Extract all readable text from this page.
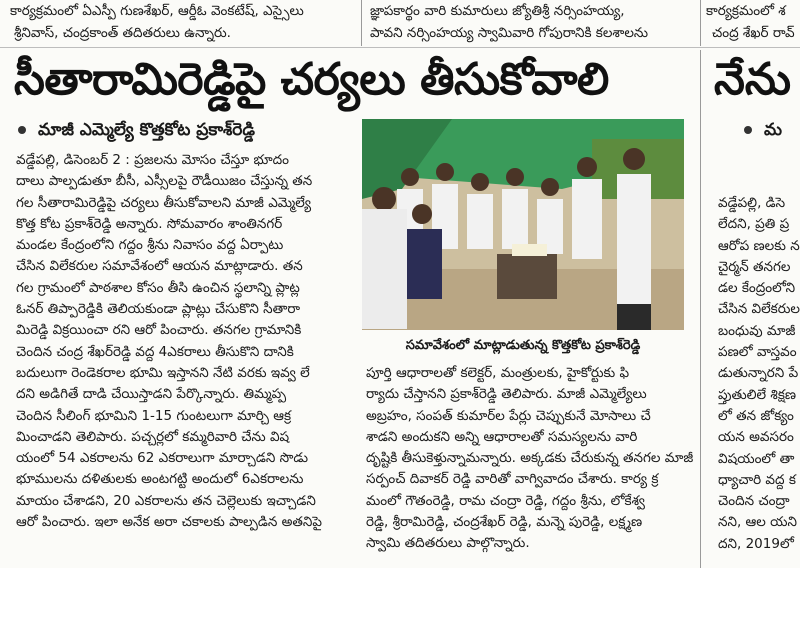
కార్యక్రమంలో ఏఎస్పీ గుణశేఖర్, ఆర్డీఓ వెంకటేష్, ఎస్సైలు
శ్రీనివాస్, చంద్రకాంత్ తదితరులు ఉన్నారు.
జ్ఞాపకార్థం వారి కుమారులు జ్యోతిశ్రీ నర్సింహయ్య,
పావని నర్సింహయ్య స్వామివారి గోపురానికి కలశాలను
కార్యక్రమంలో శ
చంద్ర శేఖర్ రావ్
సీతారామిరెడ్డిపై చర్యలు తీసుకోవాలి నేను
మాజీ ఎమ్మెల్యే కొత్తకోట ప్రకాశ్‌రెడ్డి	మ
వడ్డేపల్లి, డిసెంబర్ 2 : ప్రజలను మోసం చేస్తూ భూదం
దాలు పాల్పడుతూ బీసీ, ఎస్సీలపై రౌడీయిజం చేస్తున్న తన
గల సీతారామిరెడ్డిపై చర్యలు తీసుకోవాలని మాజీ ఎమ్మెల్యే
కొత్త కోట ప్రకాశ్‌రెడ్డి అన్నారు. సోమవారం శాంతినగర్
మండల కేంద్రంలోని గద్దం శ్రీను నివాసం వద్ద ఏర్పాటు
చేసిన విలేకరుల సమావేశంలో ఆయన మాట్లాడారు. తన
గల గ్రామంలో పాఠశాల కోసం తీసి ఉంచిన స్థలాన్ని ప్లాట్ల
ఓనర్ తిప్పారెడ్డికి తెలియకుండా ప్లాట్లు చేసుకొని సీతారా
మిరెడ్డి విక్రయించా రని ఆరో పించారు. తనగల గ్రామానికి
చెందిన చంద్ర శేఖర్‌రెడ్డి వద్ద 4ఎకరాలు తీసుకొని దానికి
బదులుగా రెండెకరాల భూమి ఇస్తానని నేటి వరకు ఇవ్వ లే
దని అడిగితే దాడి చేయిస్తాడని పేర్కొన్నారు. తిమ్మప్ప
చెందిన సీలింగ్ భూమిని 1-15 గుంటలుగా మార్చి ఆక్ర
మించాడని తెలిపారు. పచ్చర్లలో కమ్మరివారి చేను విష
యంలో 54 ఎకరాలను 62 ఎకరాలుగా మార్చాడని సొడు
భూములను దళితులకు అంటగట్టి అందులో 6ఎకరాలను
మాయం చేశాడని, 20 ఎకరాలను తన చెల్లెలుకు ఇచ్చాడని
ఆరో పించారు. ఇలా అనేక అరా చకాలకు పాల్పడిన అతనిపై
సమావేశంలో మాట్లాడుతున్న కొత్తకోట ప్రకాశ్‌రెడ్డి
పూర్తి ఆధారాలతో కలెక్టర్, మంత్రులకు, హైకోర్టుకు ఫి
ర్యాదు చేస్తానని ప్రకాశ్‌రెడ్డి తెలిపారు. మాజీ ఎమ్మెల్యేలు
అబ్రహం, సంపత్ కుమార్‌ల పేర్లు చెప్పుకునే మోసాలు చే
శాడని అందుకని అన్ని ఆధారాలతో సమస్యలను వారి
దృష్టికి తీసుకెళ్తున్నామన్నారు. అక్కడకు చేరుకున్న తనగల మాజీ
సర్పంచ్ దివాకర్ రెడ్డి వారితో వాగ్వివాదం చేశారు. కార్య క్ర
మంలో గౌతంరెడ్డి, రామ చంద్రా రెడ్డి, గద్దం శ్రీను, లోకేశ్వ
రెడ్డి, శ్రీరామిరెడ్డి, చంద్రశేఖర్ రెడ్డి, మన్నె పురెడ్డి, లక్ష్మణ
స్వామి తదితరులు పాల్గొన్నారు.
వడ్డేపల్లి, డిసె
లేదని, ప్రతి ప్ర
ఆరోప ణలకు న
చైర్మన్ తనగల
డల కేంద్రంలోని
చేసిన విలేకరుల
బంధువు మాజీ
పణలో వాస్తవం
డుతున్నారని పే
ప్తుతులిలే శిక్షణ
లో తన జోక్యం
యన అవసరం
విషయంలో తా
ధ్యాచారి వద్ద క
చెందిన చంద్రా
నని, ఆల యని
దని, 2019లో
